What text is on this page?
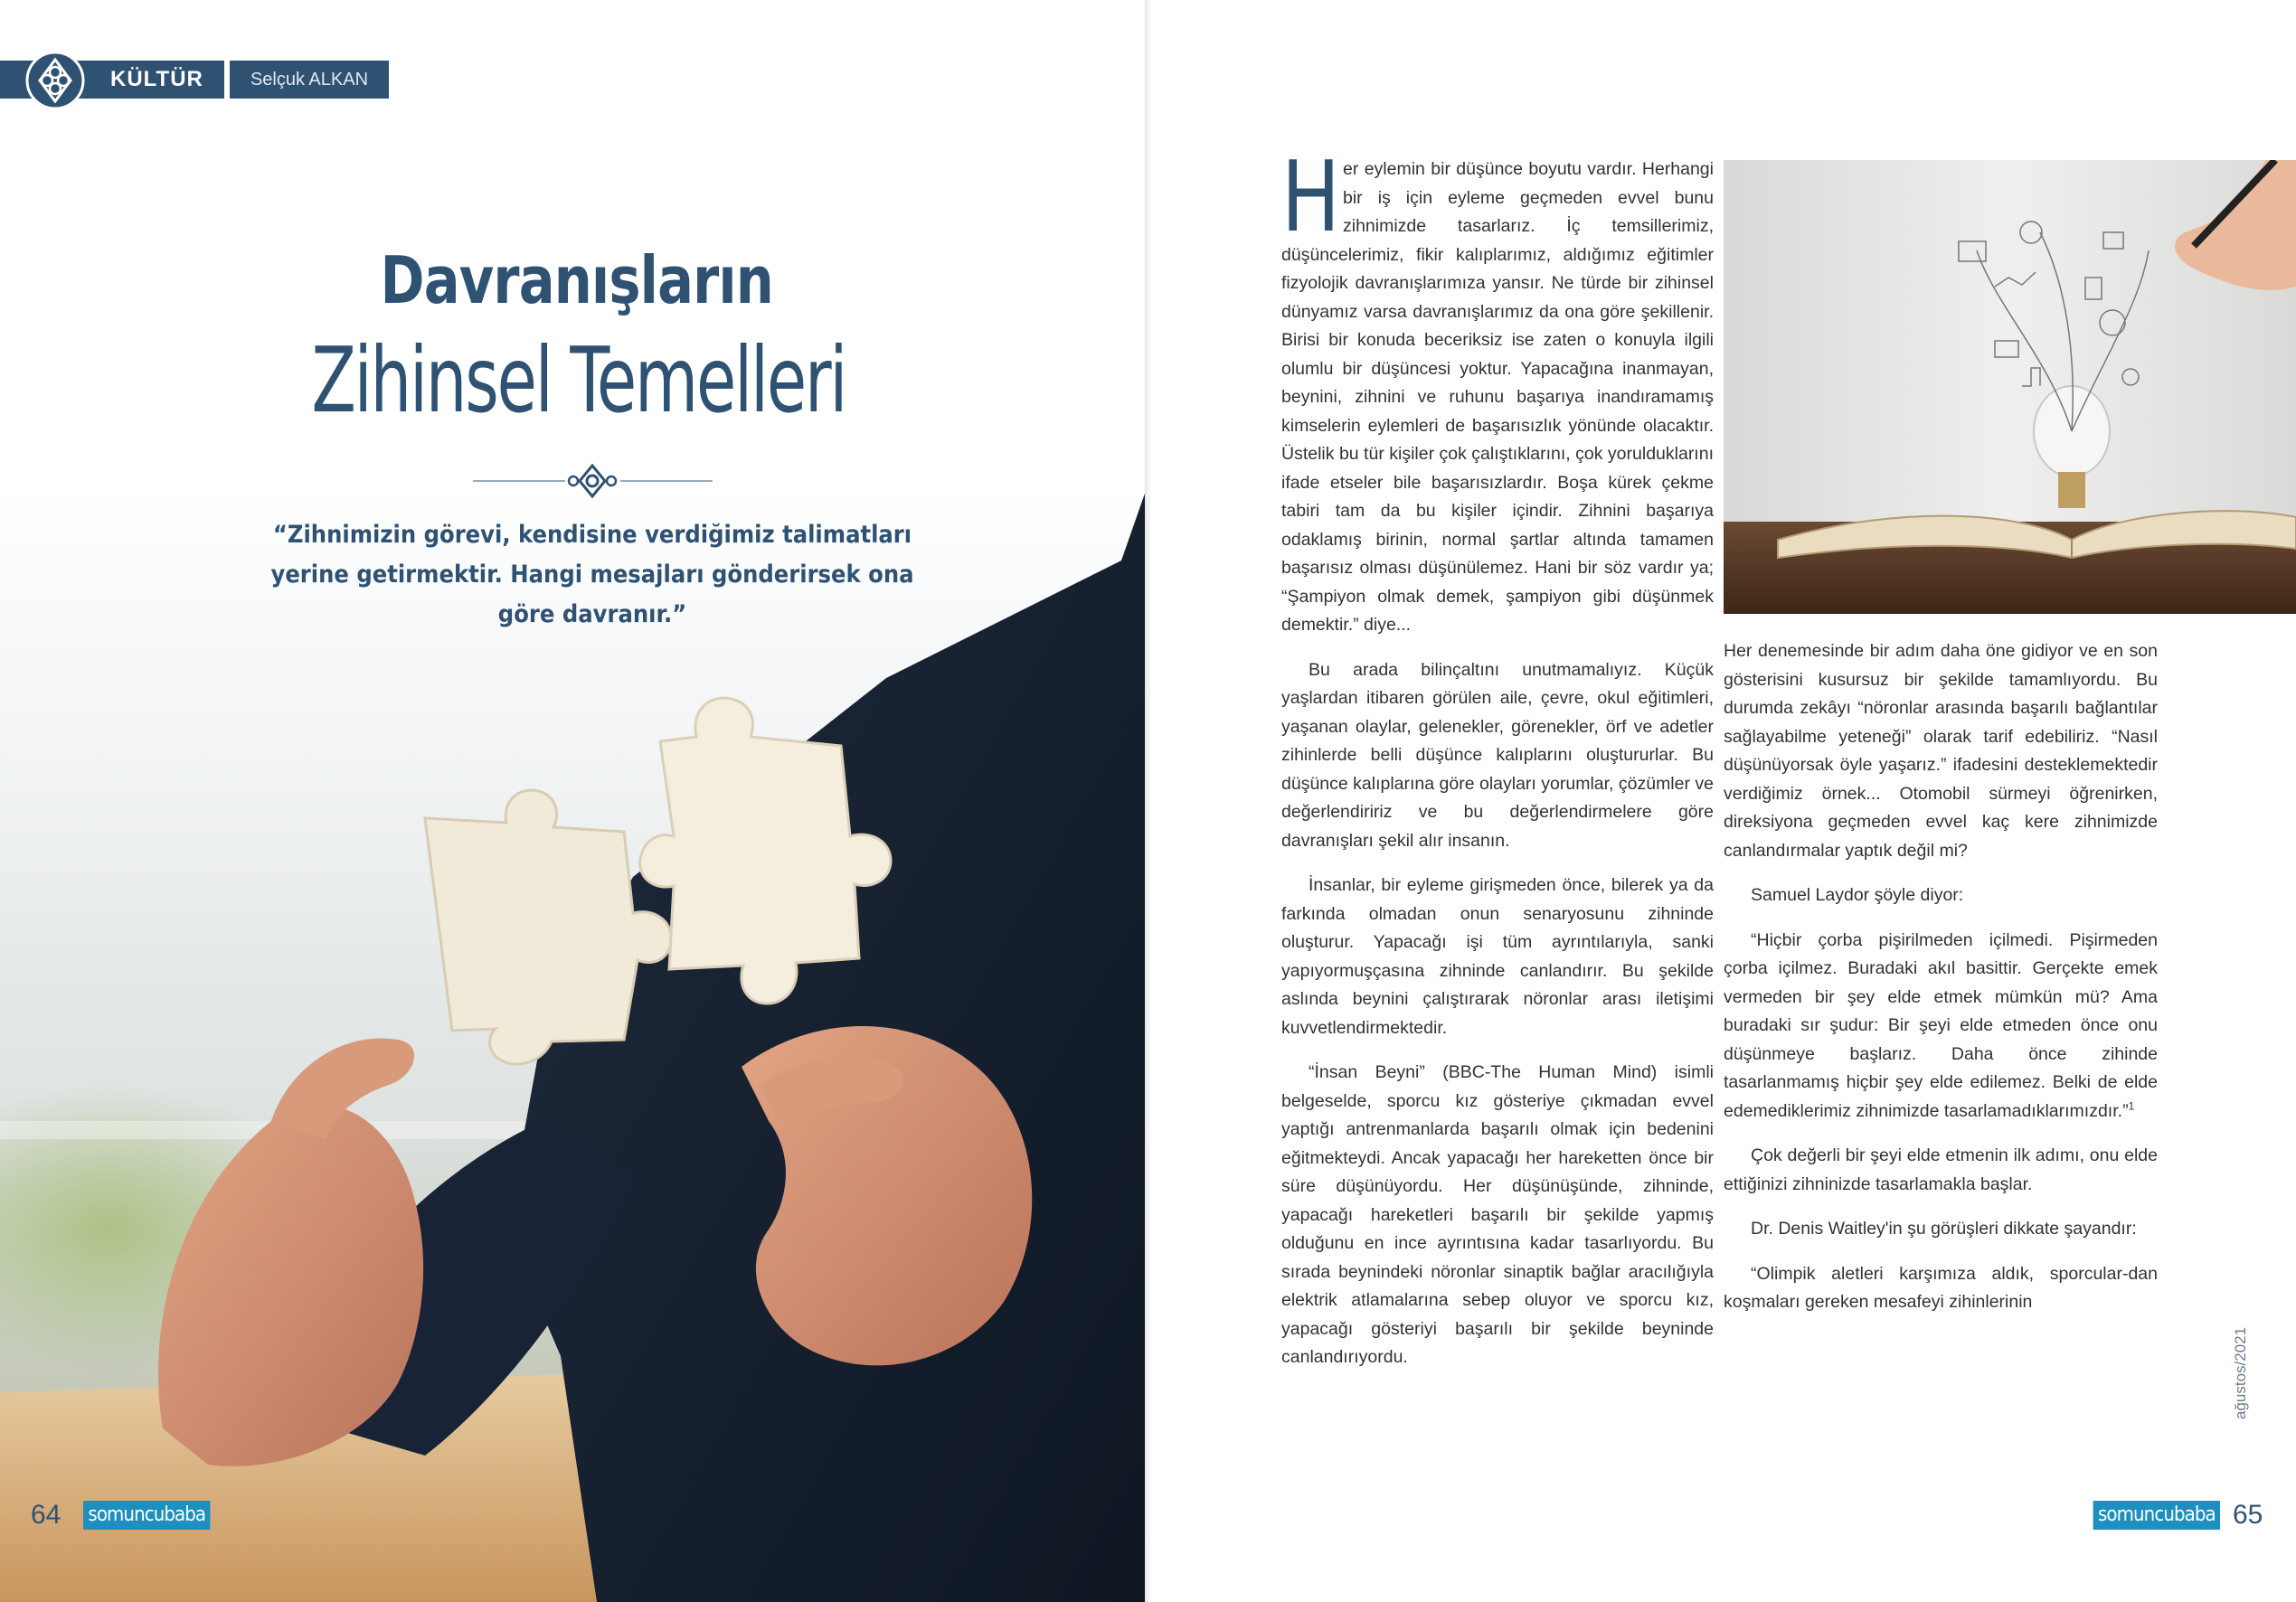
KÜLTÜR	Selçuk ALKAN
Davranışların
Zihinsel Temelleri
“Zihnimizin görevi, kendisine verdiğimiz talimatları yerine getirmektir. Hangi mesajları gönderirsek ona göre davranır.”
64	somuncubaba

Her eylemin bir düşünce boyutu vardır. Herhangi bir iş için eyleme geçmeden evvel bunu zihnimizde tasarlarız. İç temsillerimiz, düşüncelerimiz, fikir kalıplarımız, aldığımız eğitimler fizyolojik davranışlarımıza yansır. Ne türde bir zihinsel dünyamız varsa davranışlarımız da ona göre şekillenir. Birisi bir konuda beceriksiz ise zaten o konuyla ilgili olumlu bir düşüncesi yoktur. Yapacağına inanmayan, beynini, zihnini ve ruhunu başarıya inandıramamış kimselerin eylemleri de başarısızlık yönünde olacaktır. Üstelik bu tür kişiler çok çalıştıklarını, çok yorulduklarını ifade etseler bile başarısızlardır. Boşa kürek çekme tabiri tam da bu kişiler içindir. Zihnini başarıya odaklamış birinin, normal şartlar altında tamamen başarısız olması düşünülemez. Hani bir söz vardır ya; “Şampiyon olmak demek, şampiyon gibi düşünmek demektir.” diye...

Bu arada bilinçaltını unutmamalıyız. Küçük yaşlardan itibaren görülen aile, çevre, okul eğitimleri, yaşanan olaylar, gelenekler, görenekler, örf ve adetler zihinlerde belli düşünce kalıplarını oluştururlar. Bu düşünce kalıplarına göre olayları yorumlar, çözümler ve değerlendiririz ve bu değerlendirmelere göre davranışları şekil alır insanın.

İnsanlar, bir eyleme girişmeden önce, bilerek ya da farkında olmadan onun senaryosunu zihninde oluşturur. Yapacağı işi tüm ayrıntılarıyla, sanki yapıyormuşçasına zihninde canlandırır. Bu şekilde aslında beynini çalıştırarak nöronlar arası iletişimi kuvvetlendirmektedir.

“İnsan Beyni” (BBC-The Human Mind) isimli belgeselde, sporcu kız gösteriye çıkmadan evvel yaptığı antrenmanlarda başarılı olmak için bedenini eğitmekteydi. Ancak yapacağı her hareketten önce bir süre düşünüyordu. Her düşünüşünde, zihninde, yapacağı hareketleri başarılı bir şekilde yapmış olduğunu en ince ayrıntısına kadar tasarlıyordu. Bu sırada beynindeki nöronlar sinaptik bağlar aracılığıyla elektrik atlamalarına sebep oluyor ve sporcu kız, yapacağı gösteriyi başarılı bir şekilde beyninde canlandırıyordu.

Her denemesinde bir adım daha öne gidiyor ve en son gösterisini kusursuz bir şekilde tamamlıyordu. Bu durumda zekâyı “nöronlar arasında başarılı bağlantılar sağlayabilme yeteneği” olarak tarif edebiliriz. “Nasıl düşünüyorsak öyle yaşarız.” ifadesini desteklemektedir verdiğimiz örnek... Otomobil sürmeyi öğrenirken, direksiyona geçmeden evvel kaç kere zihnimizde canlandırmalar yaptık değil mi?

Samuel Laydor şöyle diyor:

“Hiçbir çorba pişirilmeden içilmedi. Pişirmeden çorba içilmez. Buradaki akıl basittir. Gerçekte emek vermeden bir şey elde etmek mümkün mü? Ama buradaki sır şudur: Bir şeyi elde etmeden önce onu düşünmeye başlarız. Daha önce zihinde tasarlanmamış hiçbir şey elde edilemez. Belki de elde edemediklerimiz zihnimizde tasarlamadıklarımızdır.”$^1$

Çok değerli bir şeyi elde etmenin ilk adımı, onu elde ettiğinizi zihninizde tasarlamakla başlar.

Dr. Denis Waitley'in şu görüşleri dikkate şayandır:

“Olimpik aletleri karşımıza aldık, sporcular-dan koşmaları gereken mesafeyi zihinlerinin

ağustos/2021
somuncubaba 65
